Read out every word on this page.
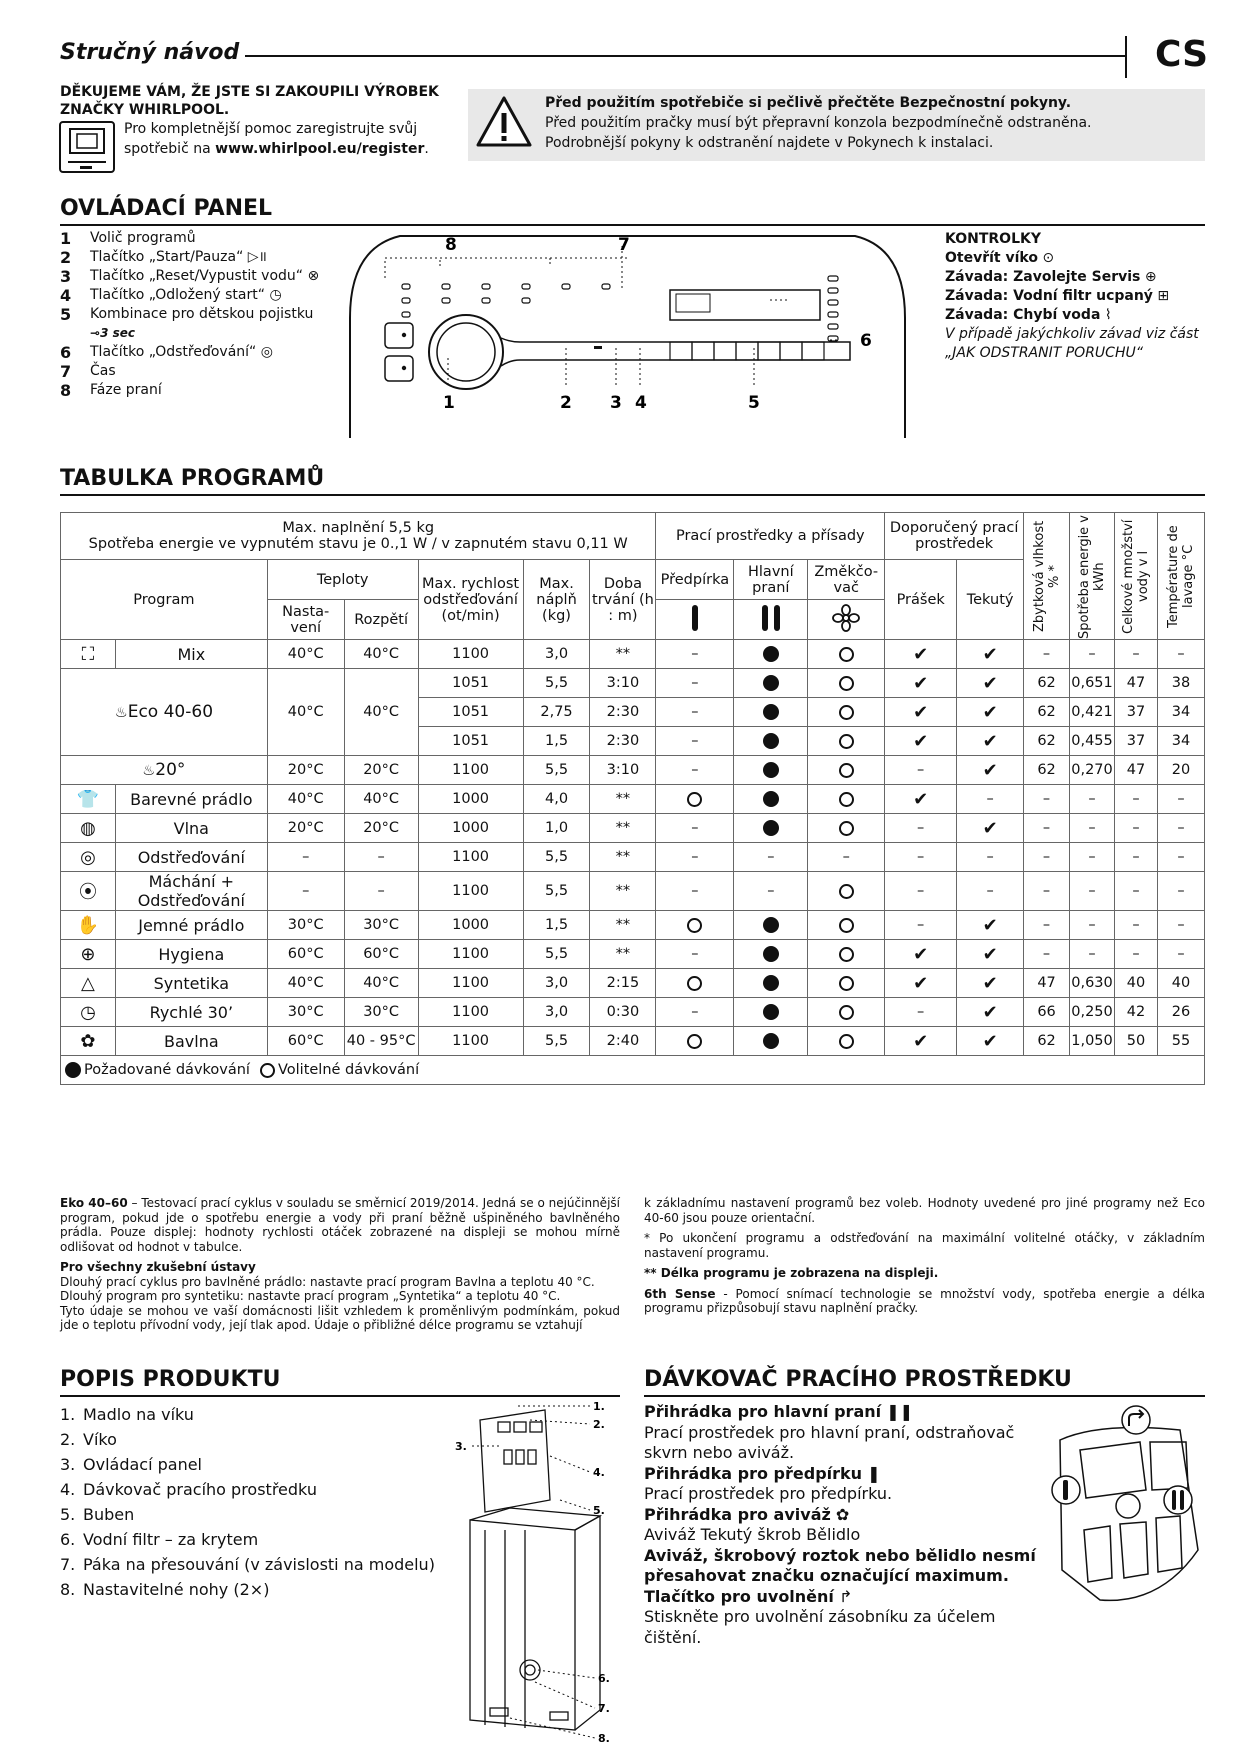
Stručný návod	CS
DĚKUJEME VÁM, ŽE JSTE SI ZAKOUPILI VÝROBEK ZNAČKY WHIRLPOOL.
Pro kompletnější pomoc zaregistrujte svůj spotřebič na www.whirlpool.eu/register.
Před použitím spotřebiče si pečlivě přečtěte Bezpečnostní pokyny.
Před použitím pračky musí být přepravní konzola bezpodmínečně odstraněna.
Podrobnější pokyny k odstranění najdete v Pokynech k instalaci.
OVLÁDACÍ PANEL
1	Volič programů
2	Tlačítko „Start/Pauza“ ▷॥
3	Tlačítko „Reset/Vypustit vodu“ ⊗
4	Tlačítko „Odložený start“ ◷
5	Kombinace pro dětskou pojistku
⊸3 sec
6	Tlačítko „Odstřeďování“ ◎
7	Čas
8	Fáze praní
8	7
6
1	2 3 4	5
KONTROLKY
Otevřít víko ⊙
Závada: Zavolejte Servis ⊕
Závada: Vodní filtr ucpaný ⊞
Závada: Chybí voda ⌇
V případě jakýchkoliv závad viz část
„JAK ODSTRANIT PORUCHU“
TABULKA PROGRAMŮ
Max. naplnění 5,5 kg
Spotřeba energie ve vypnutém stavu je 0.,1 W / v zapnutém stavu 0,11 W							Prací prostředky a přísady			Doporučený prací prostředek		Zbytková vlhkost % *	Spotřeba energie v kWh	Celkové množství vody v l	Température de lavage °C

Program		Teploty		Max. rychlost odstřeďování (ot/min)	Max. náplň (kg)	Doba trvání (h : m)	Předpírka	Hlavní praní	Změkčo-vač	Prášek	Tekutý				
		Nasta-vení	Rozpětí			
⛶	Mix	40°C	40°C	1100	3,0	**	–			✔	✔	–	–	–	–
♨Eco 40-60		40°C	40°C	1051	5,5	3:10	–			✔	✔	62	0,651	47	38
				1051	2,75	2:30	–			✔	✔	62	0,421	37	34
				1051	1,5	2:30	–			✔	✔	62	0,455	37	34
♨20°		20°C	20°C	1100	5,5	3:10	–			–	✔	62	0,270	47	20
👕	Barevné prádlo	40°C	40°C	1000	4,0	**				✔	–	–	–	–	–
◍	Vlna	20°C	20°C	1000	1,0	**	–			–	✔	–	–	–	–
◎	Odstřeďování	–	–	1100	5,5	**	–	–	–	–	–	–	–	–	–
⦿	Máchání + Odstřeďování	–	–	1100	5,5	**	–	–		–	–	–	–	–	–
✋	Jemné prádlo	30°C	30°C	1000	1,5	**				–	✔	–	–	–	–
⊕	Hygiena	60°C	60°C	1100	5,5	**	–			✔	✔	–	–	–	–
△	Syntetika	40°C	40°C	1100	3,0	2:15				✔	✔	47	0,630	40	40
◷	Rychlé 30’	30°C	30°C	1100	3,0	0:30	–			–	✔	66	0,250	42	26
✿	Bavlna	60°C	40 - 95°C	1100	5,5	2:40				✔	✔	62	1,050	50	55
Požadované dávkování Volitelné dávkování															

Eko 40–60 – Testovací prací cyklus v souladu se směrnicí 2019/2014. Jedná se o nejúčinnější program, pokud jde o spotřebu energie a vody při praní běžně ušpiněného bavlněného prádla. Pouze displej: hodnoty rychlosti otáček zobrazené na displeji se mohou mírně odlišovat od hodnot v tabulce.

Pro všechny zkušební ústavy
Dlouhý prací cyklus pro bavlněné prádlo: nastavte prací program Bavlna a teplotu 40 °C.
Dlouhý program pro syntetiku: nastavte prací program „Syntetika“ a teplotu 40 °C.
Tyto údaje se mohou ve vaší domácnosti lišit vzhledem k proměnlivým podmínkám, pokud jde o teplotu přívodní vody, její tlak apod. Údaje o přibližné délce programu se vztahují

k základnímu nastavení programů bez voleb. Hodnoty uvedené pro jiné programy než Eco 40-60 jsou pouze orientační.

* Po ukončení programu a odstřeďování na maximální volitelné otáčky, v základním nastavení programu.

** Délka programu je zobrazena na displeji.

6th Sense - Pomocí snímací technologie se množství vody, spotřeba energie a délka programu přizpůsobují stavu naplnění pračky.

POPIS PRODUKTU
1. Madlo na víku
2. Víko
3. Ovládací panel
4. Dávkovač pracího prostředku
5. Buben
6. Vodní filtr – za krytem
7. Páka na přesouvání (v závislosti na modelu)
8. Nastavitelné nohy (2×)
1.
2.
3.
4.
5.
6.
7.
8.
DÁVKOVAČ PRACÍHO PROSTŘEDKU
Přihrádka pro hlavní praní ❚❚
Prací prostředek pro hlavní praní, odstraňovač skvrn nebo aviváž.
Přihrádka pro předpírku ❚
Prací prostředek pro předpírku.
Přihrádka pro aviváž ✿
Aviváž Tekutý škrob Bělidlo
Aviváž, škrobový roztok nebo bělidlo nesmí přesahovat značku označující maximum.
Tlačítko pro uvolnění ↱
Stiskněte pro uvolnění zásobníku za účelem čištění.
